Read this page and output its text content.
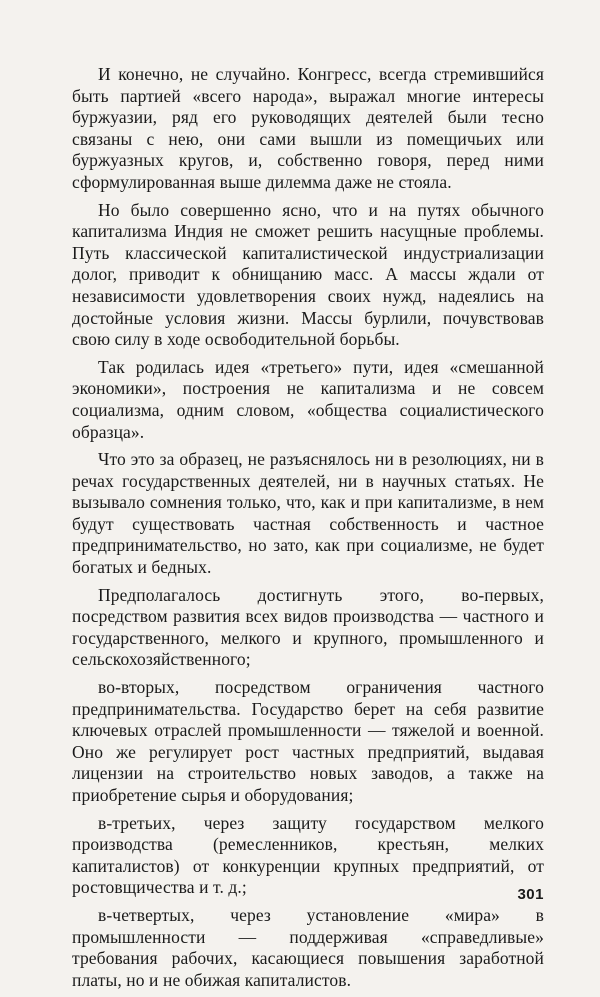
И конечно, не случайно. Конгресс, всегда стремившийся быть партией «всего народа», выражал многие интересы буржуазии, ряд его руководящих деятелей были тесно связаны с нею, они сами вышли из помещичьих или буржуазных кругов, и, собственно говоря, перед ними сформулированная выше дилемма даже не стояла.

Но было совершенно ясно, что и на путях обычного капитализма Индия не сможет решить насущные проблемы. Путь классической капиталистической индустриализации долог, приводит к обнищанию масс. А массы ждали от независимости удовлетворения своих нужд, надеялись на достойные условия жизни. Массы бурлили, почувствовав свою силу в ходе освободительной борьбы.

Так родилась идея «третьего» пути, идея «смешанной экономики», построения не капитализма и не совсем социализма, одним словом, «общества социалистического образца».

Что это за образец, не разъяснялось ни в резолюциях, ни в речах государственных деятелей, ни в научных статьях. Не вызывало сомнения только, что, как и при капитализме, в нем будут существовать частная собственность и частное предпринимательство, но зато, как при социализме, не будет богатых и бедных.

Предполагалось достигнуть этого, во-первых, посредством развития всех видов производства — частного и государственного, мелкого и крупного, промышленного и сельскохозяйственного;

во-вторых, посредством ограничения частного предпринимательства. Государство берет на себя развитие ключевых отраслей промышленности — тяжелой и военной. Оно же регулирует рост частных предприятий, выдавая лицензии на строительство новых заводов, а также на приобретение сырья и оборудования;

в-третьих, через защиту государством мелкого производства (ремесленников, крестьян, мелких капиталистов) от конкуренции крупных предприятий, от ростовщичества и т. д.;

в-четвертых, через установление «мира» в промышленности — поддерживая «справедливые» требования рабочих, касающиеся повышения заработной платы, но и не обижая капиталистов.

301
